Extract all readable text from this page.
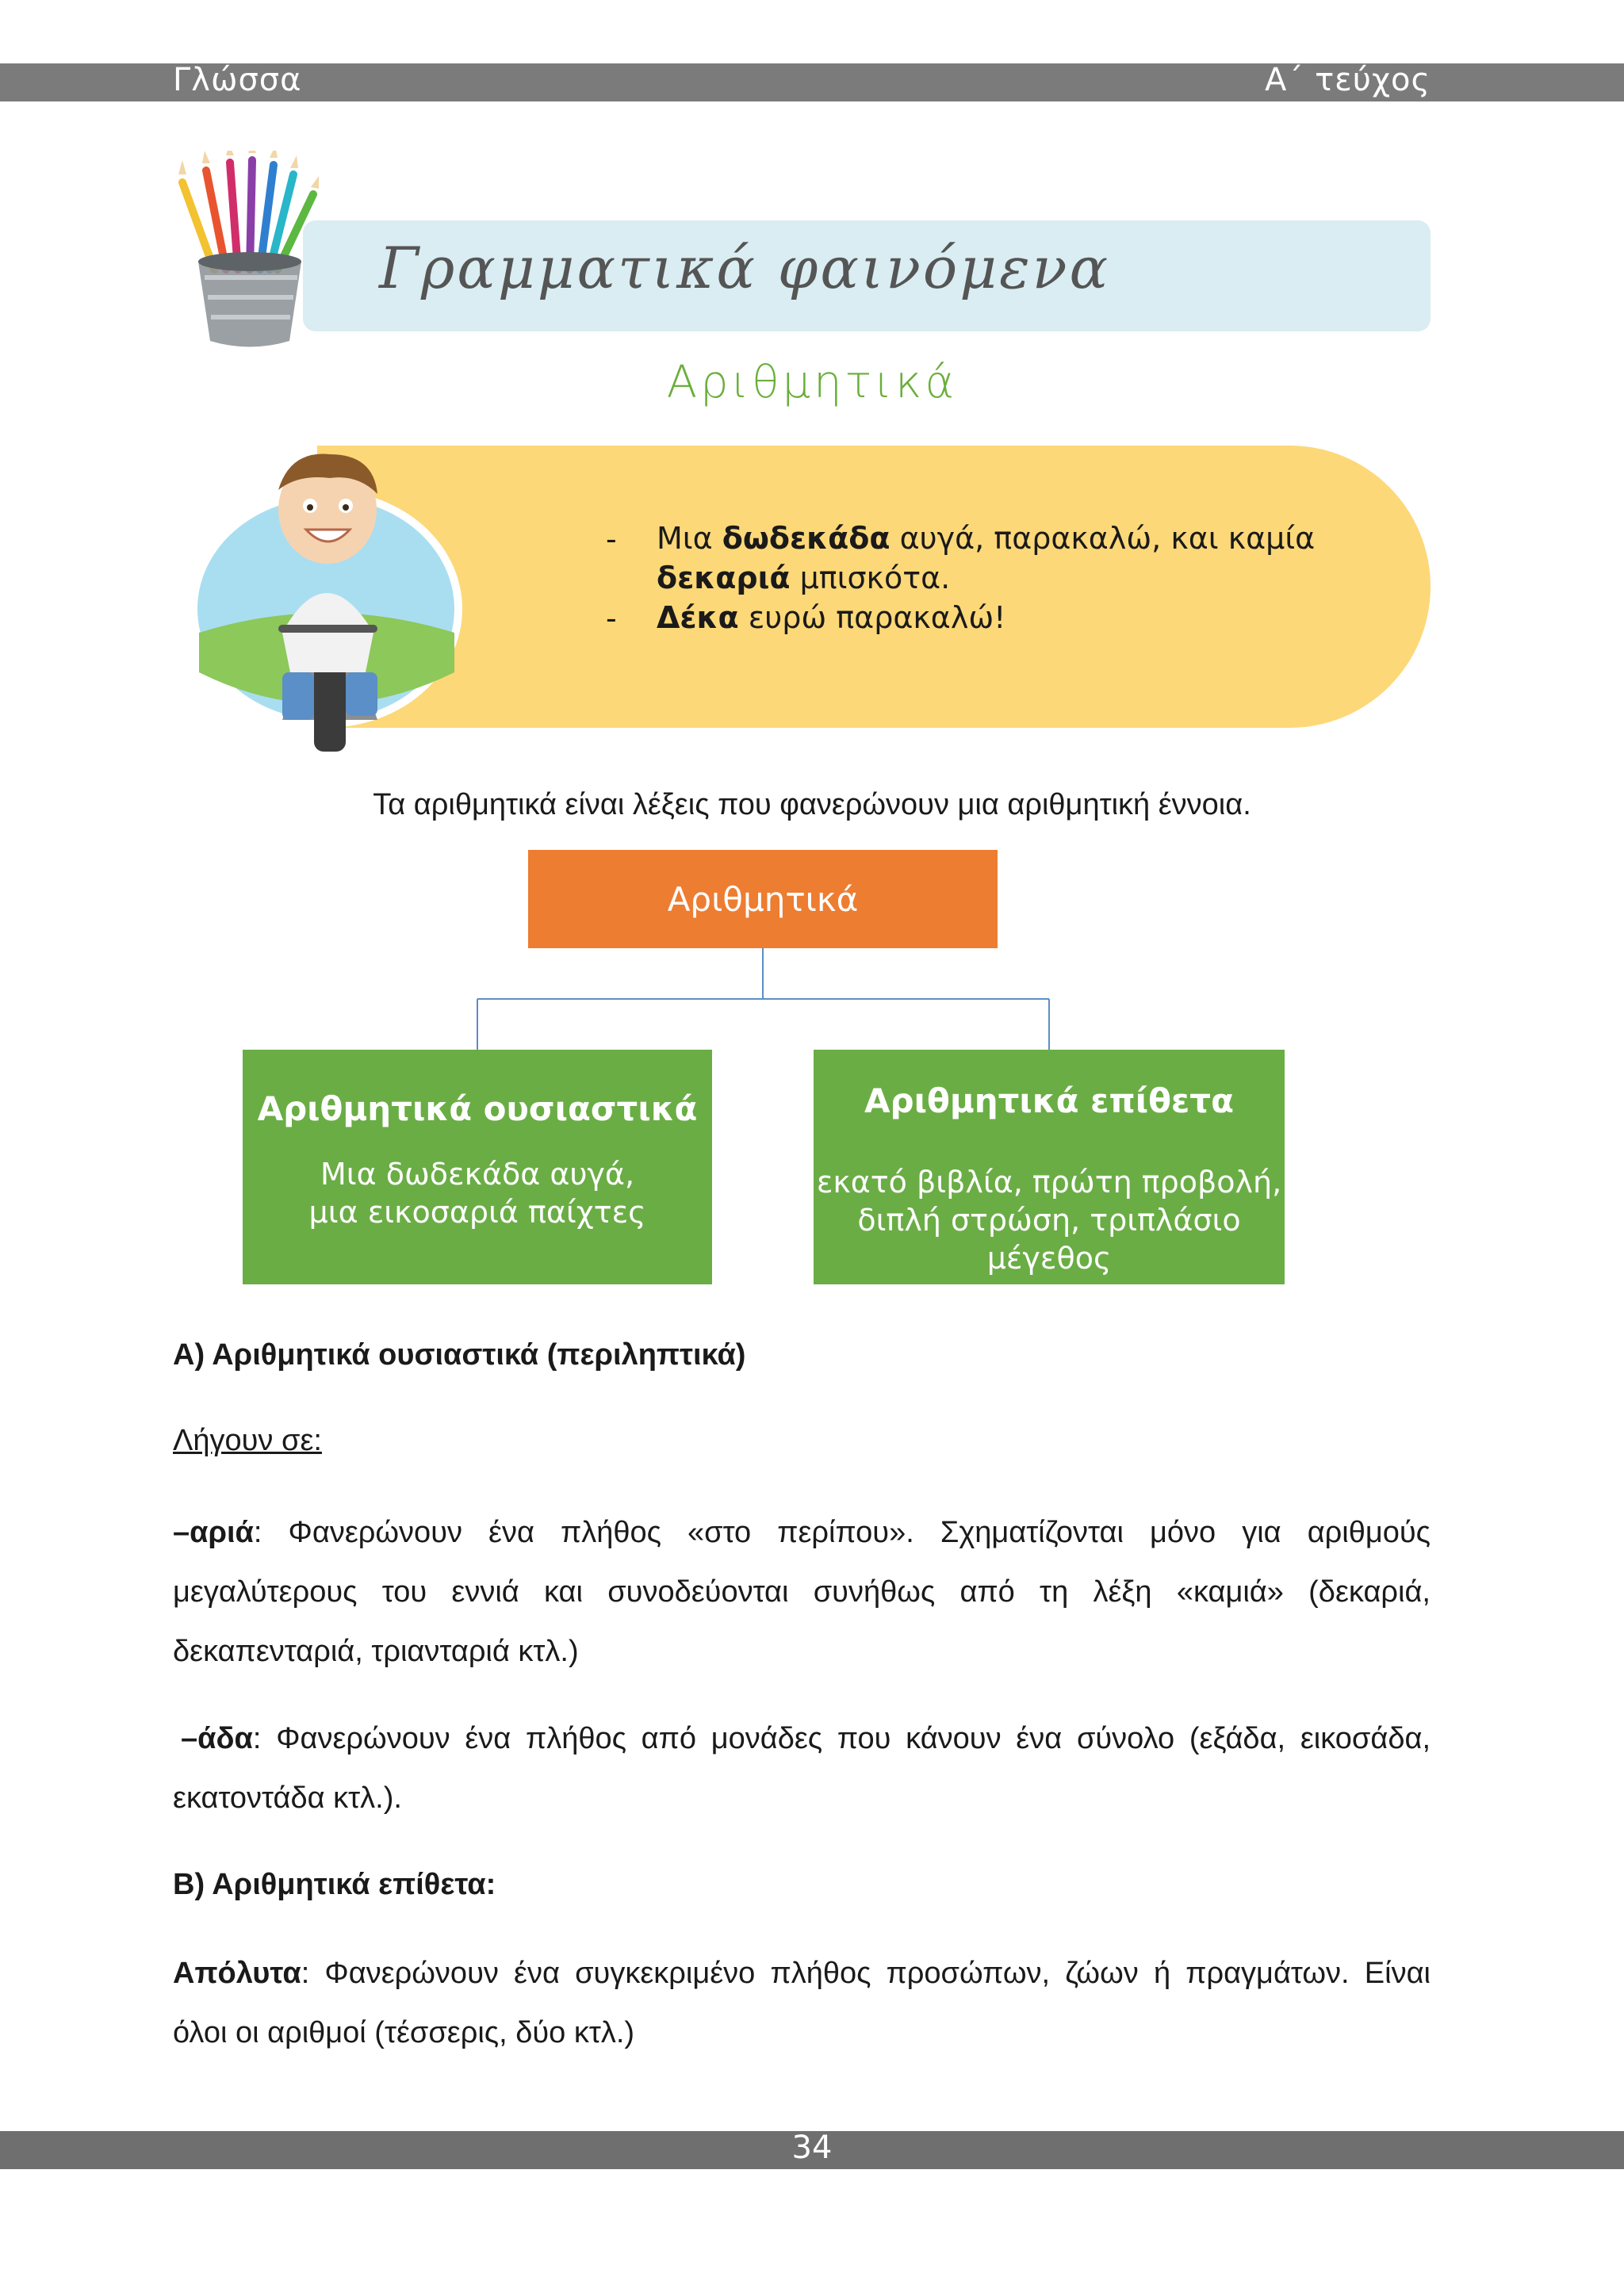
Γλώσσα	Α΄ τεύχος
Γραμματικά φαινόμενα
Αριθμητικά
- Μια δωδεκάδα αυγά, παρακαλώ, και καμία
δεκαριά μπισκότα.
- Δέκα ευρώ παρακαλώ!
Τα αριθμητικά είναι λέξεις που φανερώνουν μια αριθμητική έννοια.
Αριθμητικά
Αριθμητικά ουσιαστικά
Μια δωδεκάδα αυγά,
μια εικοσαριά παίχτες
Αριθμητικά επίθετα
εκατό βιβλία, πρώτη προβολή,
διπλή στρώση, τριπλάσιο μέγεθος
Α) Αριθμητικά ουσιαστικά (περιληπτικά)
Λήγουν σε:
–αριά: Φανερώνουν ένα πλήθος «στο περίπου». Σχηματίζονται μόνο για αριθμούς μεγαλύτερους του εννιά και συνοδεύονται συνήθως από τη λέξη «καμιά» (δεκαριά, δεκαπενταριά, τριανταριά κτλ.)
–άδα: Φανερώνουν ένα πλήθος από μονάδες που κάνουν ένα σύνολο (εξάδα, εικοσάδα, εκατοντάδα κτλ.).
Β) Αριθμητικά επίθετα:
Απόλυτα: Φανερώνουν ένα συγκεκριμένο πλήθος προσώπων, ζώων ή πραγμάτων. Είναι όλοι οι αριθμοί (τέσσερις, δύο κτλ.)
34
